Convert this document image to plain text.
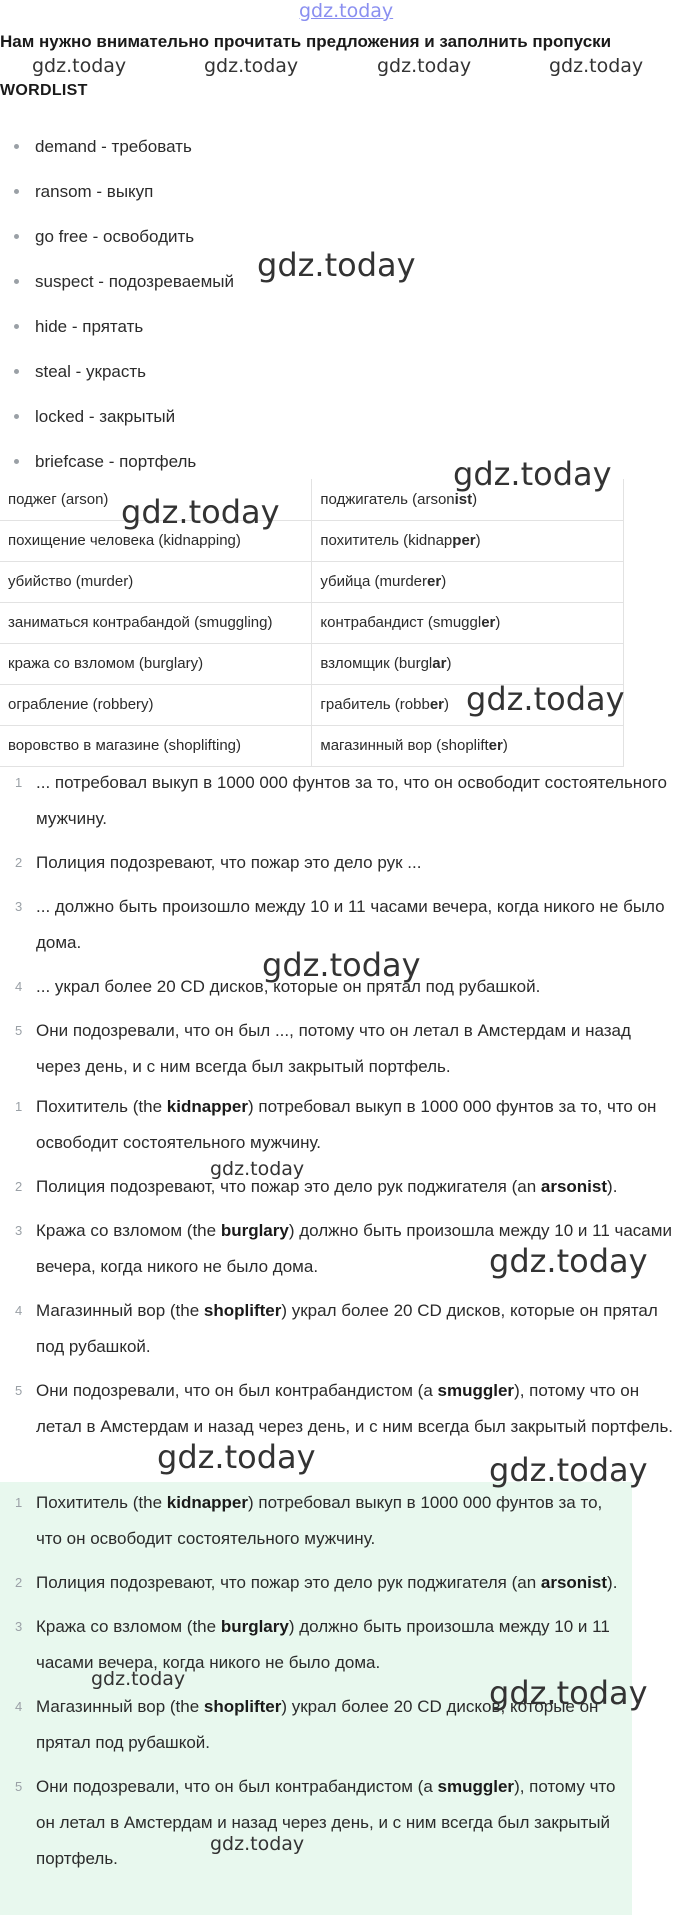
gdz.today
gdz.today	gdz.today	gdz.today	gdz.today
gdz.today
gdz.today
gdz.today
gdz.today
gdz.today
gdz.today
gdz.today
gdz.today	gdz.today
gdz.today	gdz.today
gdz.today
Нам нужно внимательно прочитать предложения и заполнить пропуски
WORDLIST
demand - требовать
ransom - выкуп
go free - освободить
suspect - подозреваемый
hide - прятать
steal - украсть
locked - закрытый
briefcase - портфель
поджег (arson)	поджигатель (arsonist)
похищение человека (kidnapping)	похититель (kidnapper)
убийство (murder)	убийца (murderer)
заниматься контрабандой (smuggling)	контрабандист (smuggler)
кража со взломом (burglary)	взломщик (burglar)
ограбление (robbery)	грабитель (robber)
воровство в магазине (shoplifting)	магазинный вор (shoplifter)
1 ... потребовал выкуп в 1000 000 фунтов за то, что он освободит состоятельного мужчину.
2 Полиция подозревают, что пожар это дело рук ...
3 ... должно быть произошло между 10 и 11 часами вечера, когда никого не было дома.
4 ... украл более 20 CD дисков, которые он прятал под рубашкой.
5 Они подозревали, что он был ..., потому что он летал в Амстердам и назад через день, и с ним всегда был закрытый портфель.
1 Похититель (the kidnapper) потребовал выкуп в 1000 000 фунтов за то, что он освободит состоятельного мужчину.
2 Полиция подозревают, что пожар это дело рук поджигателя (an arsonist).
3 Кража со взломом (the burglary) должно быть произошла между 10 и 11 часами вечера, когда никого не было дома.
4 Магазинный вор (the shoplifter) украл более 20 CD дисков, которые он прятал под рубашкой.
5 Они подозревали, что он был контрабандистом (a smuggler), потому что он летал в Амстердам и назад через день, и с ним всегда был закрытый портфель.
1 Похититель (the kidnapper) потребовал выкуп в 1000 000 фунтов за то, что он освободит состоятельного мужчину.
2 Полиция подозревают, что пожар это дело рук поджигателя (an arsonist).
3 Кража со взломом (the burglary) должно быть произошла между 10 и 11 часами вечера, когда никого не было дома.
4 Магазинный вор (the shoplifter) украл более 20 CD дисков, которые он прятал под рубашкой.
5 Они подозревали, что он был контрабандистом (a smuggler), потому что он летал в Амстердам и назад через день, и с ним всегда был закрытый портфель.
